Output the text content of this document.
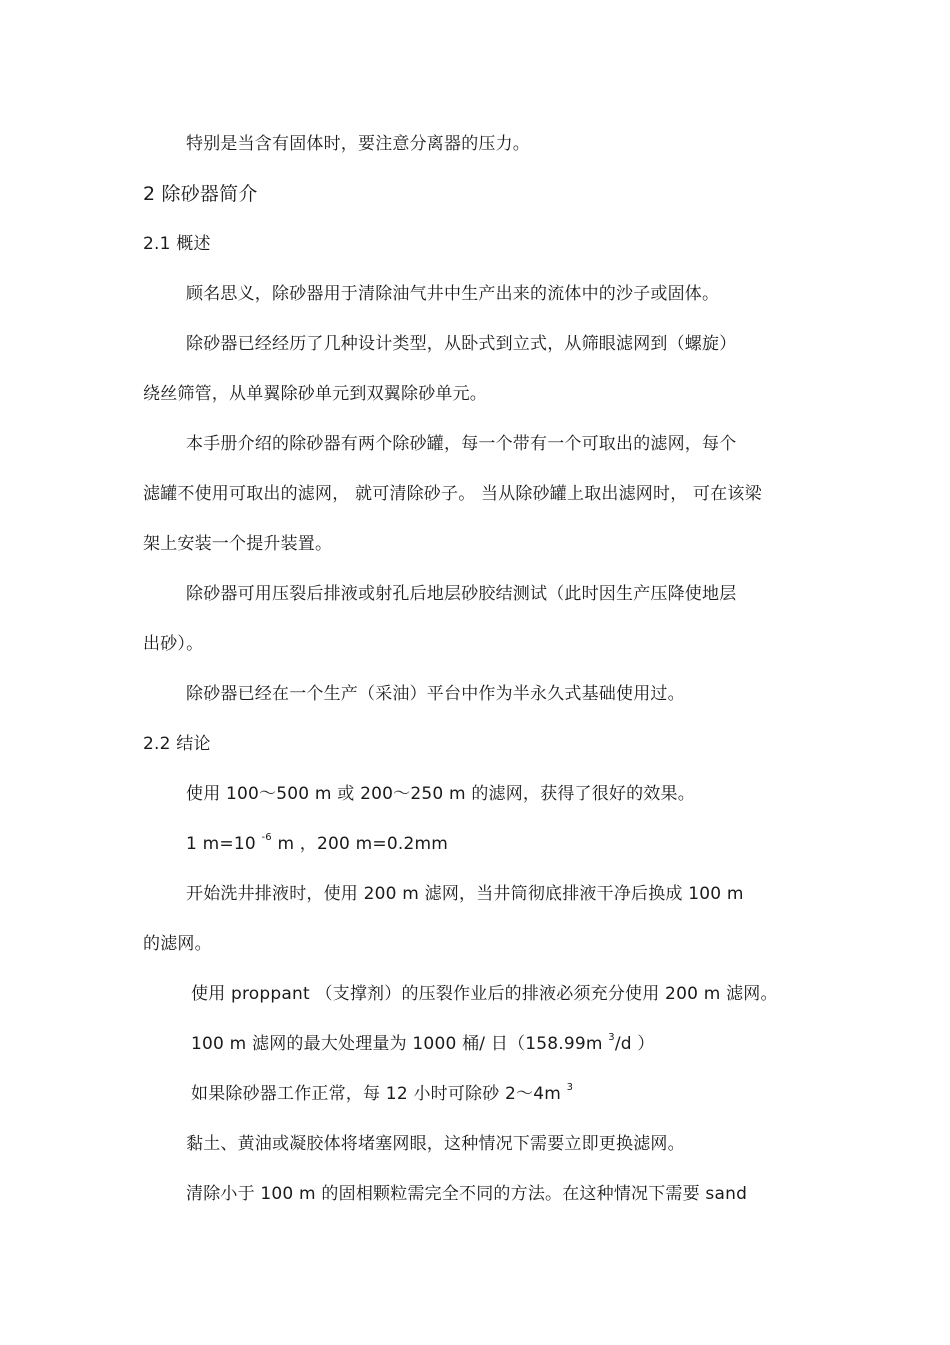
特别是当含有固体时，要注意分离器的压力。
2 除砂器简介
2.1 概述
顾名思义，除砂器用于清除油气井中生产出来的流体中的沙子或固体。
除砂器已经经历了几种设计类型，从卧式到立式，从筛眼滤网到（螺旋）
绕丝筛管，从单翼除砂单元到双翼除砂单元。
本手册介绍的除砂器有两个除砂罐，每一个带有一个可取出的滤网，每个
滤罐不使用可取出的滤网， 就可清除砂子。 当从除砂罐上取出滤网时， 可在该梁
架上安装一个提升装置。
除砂器可用压裂后排液或射孔后地层砂胶结测试（此时因生产压降使地层
出砂）。
除砂器已经在一个生产（采油）平台中作为半永久式基础使用过。
2.2 结论
使用 100～500 m 或 200～250 m 的滤网，获得了很好的效果。
1 m=10 $^{-6}$ m ，200 m=0.2mm
开始洗井排液时，使用 200 m 滤网，当井筒彻底排液干净后换成 100 m
的滤网。
使用 proppant （支撑剂）的压裂作业后的排液必须充分使用 200 m 滤网。
100 m 滤网的最大处理量为 1000 桶/ 日（158.99m $^3$/d ）
如果除砂器工作正常，每 12 小时可除砂 2～4m $^3$
黏土、黄油或凝胶体将堵塞网眼，这种情况下需要立即更换滤网。
清除小于 100 m 的固相颗粒需完全不同的方法。在这种情况下需要 sand
